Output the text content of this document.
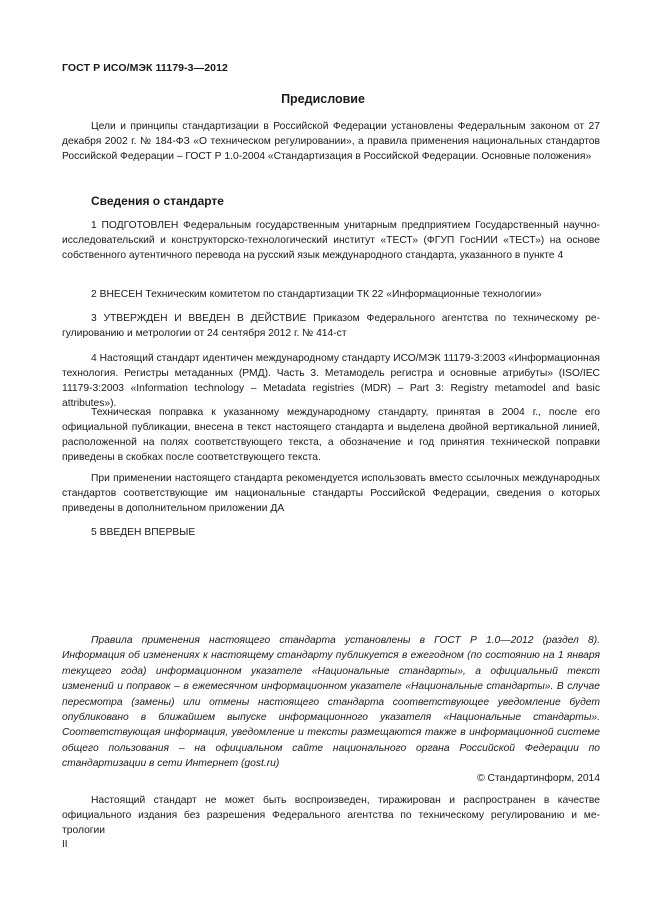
ГОСТ Р ИСО/МЭК 11179-3—2012
Предисловие
Цели и принципы стандартизации в Российской Федерации установлены Федеральным законом от 27 декабря 2002 г. № 184-ФЗ «О техническом регулировании», а правила применения национальных стандартов Российской Федерации – ГОСТ Р 1.0-2004 «Стандартизация в Российской Федерации. Основные положения»
Сведения о стандарте
1 ПОДГОТОВЛЕН Федеральным государственным унитарным предприятием Государственный научно-исследовательский и конструкторско-технологический институт «ТЕСТ» (ФГУП ГосНИИ «ТЕСТ») на основе собственного аутентичного перевода на русский язык международного стандарта, указанного в пункте 4
2 ВНЕСЕН Техническим комитетом по стандартизации ТК 22 «Информационные технологии»
3 УТВЕРЖДЕН И ВВЕДЕН В ДЕЙСТВИЕ Приказом Федерального агентства по техническому регулированию и метрологии от 24 сентября 2012 г. № 414-ст
4 Настоящий стандарт идентичен международному стандарту ИСО/МЭК 11179-3:2003 «Информационная технология. Регистры метаданных (РМД). Часть 3. Метамодель регистра и основные атрибуты» (ISO/IEC 11179-3:2003 «Information technology – Metadata registries (MDR) – Part 3: Registry metamodel and basic attributes»).
Техническая поправка к указанному международному стандарту, принятая в 2004 г., после его официальной публикации, внесена в текст настоящего стандарта и выделена двойной вертикальной линией, расположенной на полях соответствующего текста, а обозначение и год принятия технической поправки приведены в скобках после соответствующего текста.
При применении настоящего стандарта рекомендуется использовать вместо ссылочных международных стандартов соответствующие им национальные стандарты Российской Федерации, сведения о которых приведены в дополнительном приложении ДА
5 ВВЕДЕН ВПЕРВЫЕ
Правила применения настоящего стандарта установлены в ГОСТ Р 1.0—2012 (раздел 8). Информация об изменениях к настоящему стандарту публикуется в ежегодном (по состоянию на 1 января текущего года) информационном указателе «Национальные стандарты», а официальный текст изменений и поправок – в ежемесячном информационном указателе «Национальные стандарты». В случае пересмотра (замены) или отмены настоящего стандарта соответствующее уведомление будет опубликовано в ближайшем выпуске информационного указателя «Национальные стандарты». Соответствующая информация, уведомление и тексты размещаются также в информационной системе общего пользования – на официальном сайте национального органа Российской Федерации по стандартизации в сети Интернет (gost.ru)
© Стандартинформ, 2014
Настоящий стандарт не может быть воспроизведен, тиражирован и распространен в качестве официального издания без разрешения Федерального агентства по техническому регулированию и метрологии
II
